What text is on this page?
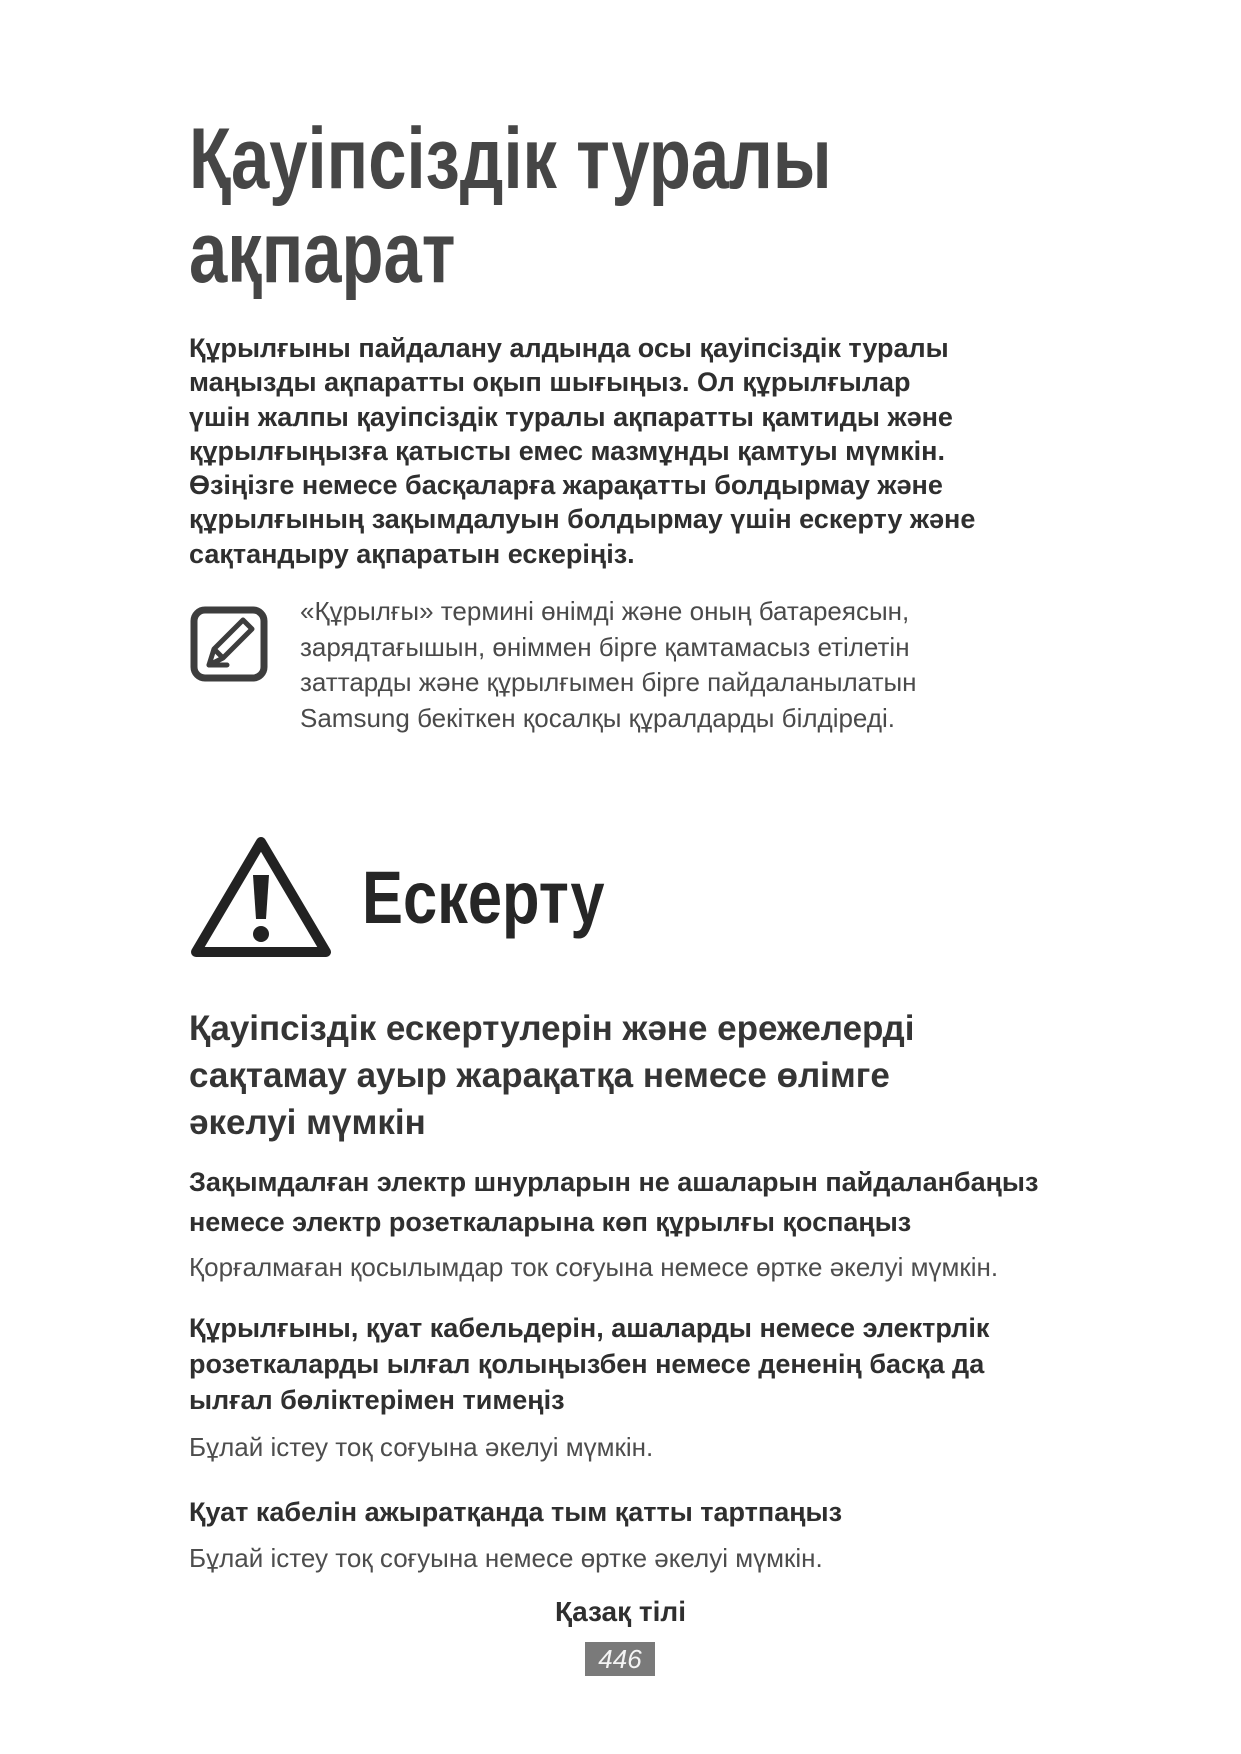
Қауіпсіздік туралы
ақпарат
Құрылғыны пайдалану алдында осы қауіпсіздік туралы
маңызды ақпаратты оқып шығыңыз. Ол құрылғылар
үшін жалпы қауіпсіздік туралы ақпаратты қамтиды және
құрылғыңызға қатысты емес мазмұнды қамтуы мүмкін.
Өзіңізге немесе басқаларға жарақатты болдырмау және
құрылғының зақымдалуын болдырмау үшін ескерту және
сақтандыру ақпаратын ескеріңіз.
«Құрылғы» термині өнімді және оның батареясын,
зарядтағышын, өніммен бірге қамтамасыз етілетін
заттарды және құрылғымен бірге пайдаланылатын
Samsung бекіткен қосалқы құралдарды білдіреді.
Ескерту
Қауіпсіздік ескертулерін және ережелерді
сақтамау ауыр жарақатқа немесе өлімге
әкелуі мүмкін
Зақымдалған электр шнурларын не ашаларын пайдаланбаңыз
немесе электр розеткаларына көп құрылғы қоспаңыз
Қорғалмаған қосылымдар ток соғуына немесе өртке әкелуі мүмкін.
Құрылғыны, қуат кабельдерін, ашаларды немесе электрлік
розеткаларды ылғал қолыңызбен немесе дененің басқа да
ылғал бөліктерімен тимеңіз
Бұлай істеу тоқ соғуына әкелуі мүмкін.
Қуат кабелін ажыратқанда тым қатты тартпаңыз
Бұлай істеу тоқ соғуына немесе өртке әкелуі мүмкін.
Қазақ тілі
446
